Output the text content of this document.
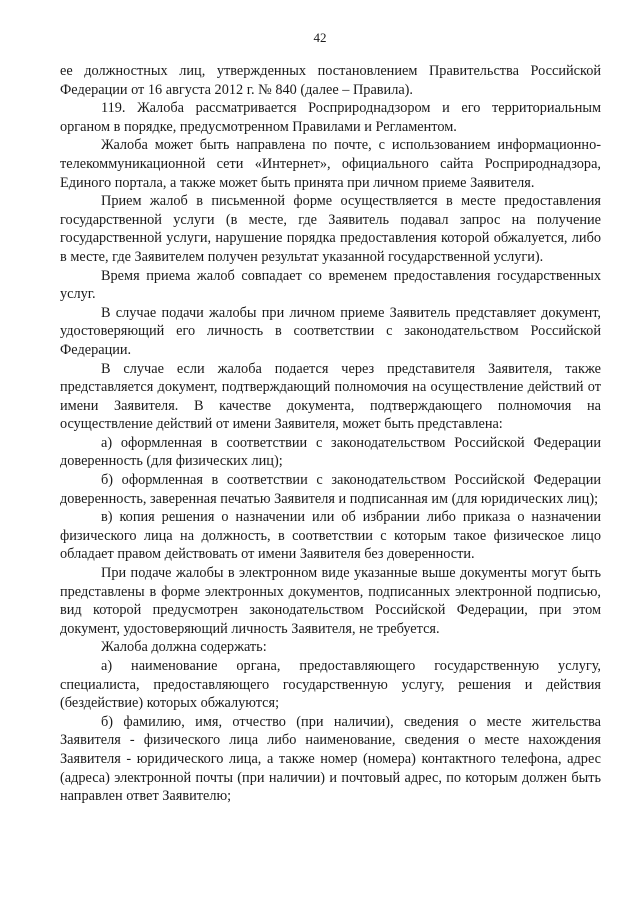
42

ее должностных лиц, утвержденных постановлением Правительства Российской Федерации от 16 августа 2012 г. № 840 (далее – Правила).

119. Жалоба рассматривается Росприроднадзором и его территориальным органом в порядке, предусмотренном Правилами и Регламентом.

Жалоба может быть направлена по почте, с использованием информационно-телекоммуникационной сети «Интернет», официального сайта Росприроднадзора, Единого портала, а также может быть принята при личном приеме Заявителя.

Прием жалоб в письменной форме осуществляется в месте предоставления государственной услуги (в месте, где Заявитель подавал запрос на получение государственной услуги, нарушение порядка предоставления которой обжалуется, либо в месте, где Заявителем получен результат указанной государственной услуги).

Время приема жалоб совпадает со временем предоставления государственных услуг.

В случае подачи жалобы при личном приеме Заявитель представляет документ, удостоверяющий его личность в соответствии с законодательством Российской Федерации.

В случае если жалоба подается через представителя Заявителя, также представляется документ, подтверждающий полномочия на осуществление действий от имени Заявителя. В качестве документа, подтверждающего полномочия на осуществление действий от имени Заявителя, может быть представлена:

а) оформленная в соответствии с законодательством Российской Федерации доверенность (для физических лиц);

б) оформленная в соответствии с законодательством Российской Федерации доверенность, заверенная печатью Заявителя и подписанная им (для юридических лиц);

в) копия решения о назначении или об избрании либо приказа о назначении физического лица на должность, в соответствии с которым такое физическое лицо обладает правом действовать от имени Заявителя без доверенности.

При подаче жалобы в электронном виде указанные выше документы могут быть представлены в форме электронных документов, подписанных электронной подписью, вид которой предусмотрен законодательством Российской Федерации, при этом документ, удостоверяющий личность Заявителя, не требуется.

Жалоба должна содержать:

а) наименование органа, предоставляющего государственную услугу, специалиста, предоставляющего государственную услугу, решения и действия (бездействие) которых обжалуются;

б) фамилию, имя, отчество (при наличии), сведения о месте жительства Заявителя - физического лица либо наименование, сведения о месте нахождения Заявителя - юридического лица, а также номер (номера) контактного телефона, адрес (адреса) электронной почты (при наличии) и почтовый адрес, по которым должен быть направлен ответ Заявителю;
